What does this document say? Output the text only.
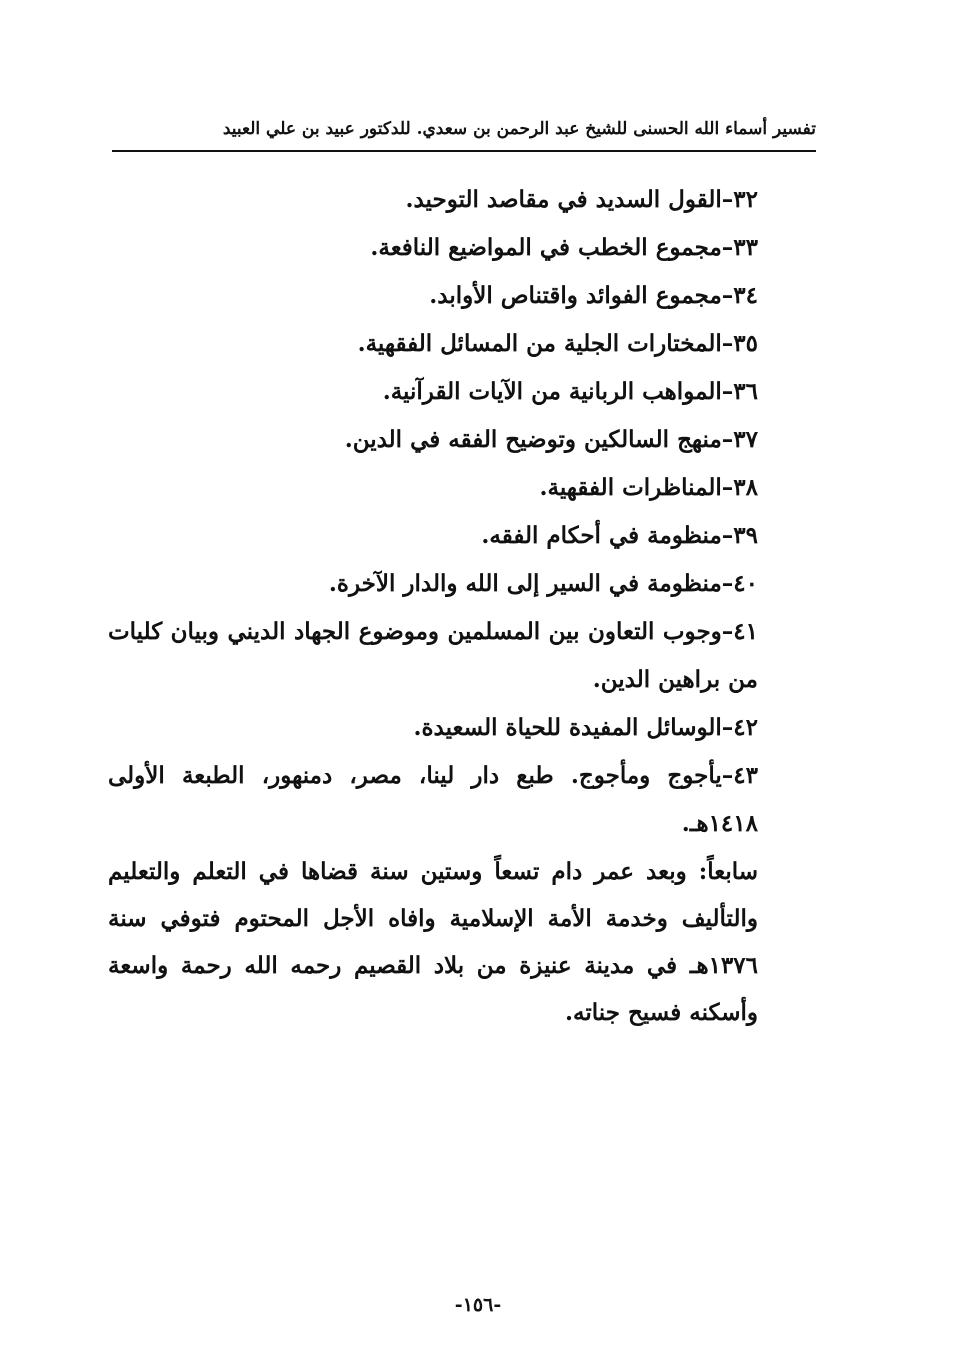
تفسير أسماء الله الحسنى للشيخ عبد الرحمن بن سعدي. للدكتور عبيد بن علي العبيد

٣٢–القول السديد في مقاصد التوحيد.

٣٣–مجموع الخطب في المواضيع النافعة.

٣٤–مجموع الفوائد واقتناص الأوابد.

٣٥–المختارات الجلية من المسائل الفقهية.

٣٦–المواهب الربانية من الآيات القرآنية.

٣٧–منهج السالكين وتوضيح الفقه في الدين.

٣٨–المناظرات الفقهية.

٣٩–منظومة في أحكام الفقه.

٤٠–منظومة في السير إلى الله والدار الآخرة.

٤١–وجوب التعاون بين المسلمين وموضوع الجهاد الديني وبيان كليات من براهين الدين.

٤٢–الوسائل المفيدة للحياة السعيدة.

٤٣–يأجوج ومأجوج. طبع دار لينا، مصر، دمنهور، الطبعة الأولى ١٤١٨هـ.

سابعاً: وبعد عمر دام تسعاً وستين سنة قضاها في التعلم والتعليم والتأليف وخدمة الأمة الإسلامية وافاه الأجل المحتوم فتوفي سنة ١٣٧٦هـ في مدينة عنيزة من بلاد القصيم رحمه الله رحمة واسعة وأسكنه فسيح جناته.

-١٥٦-
